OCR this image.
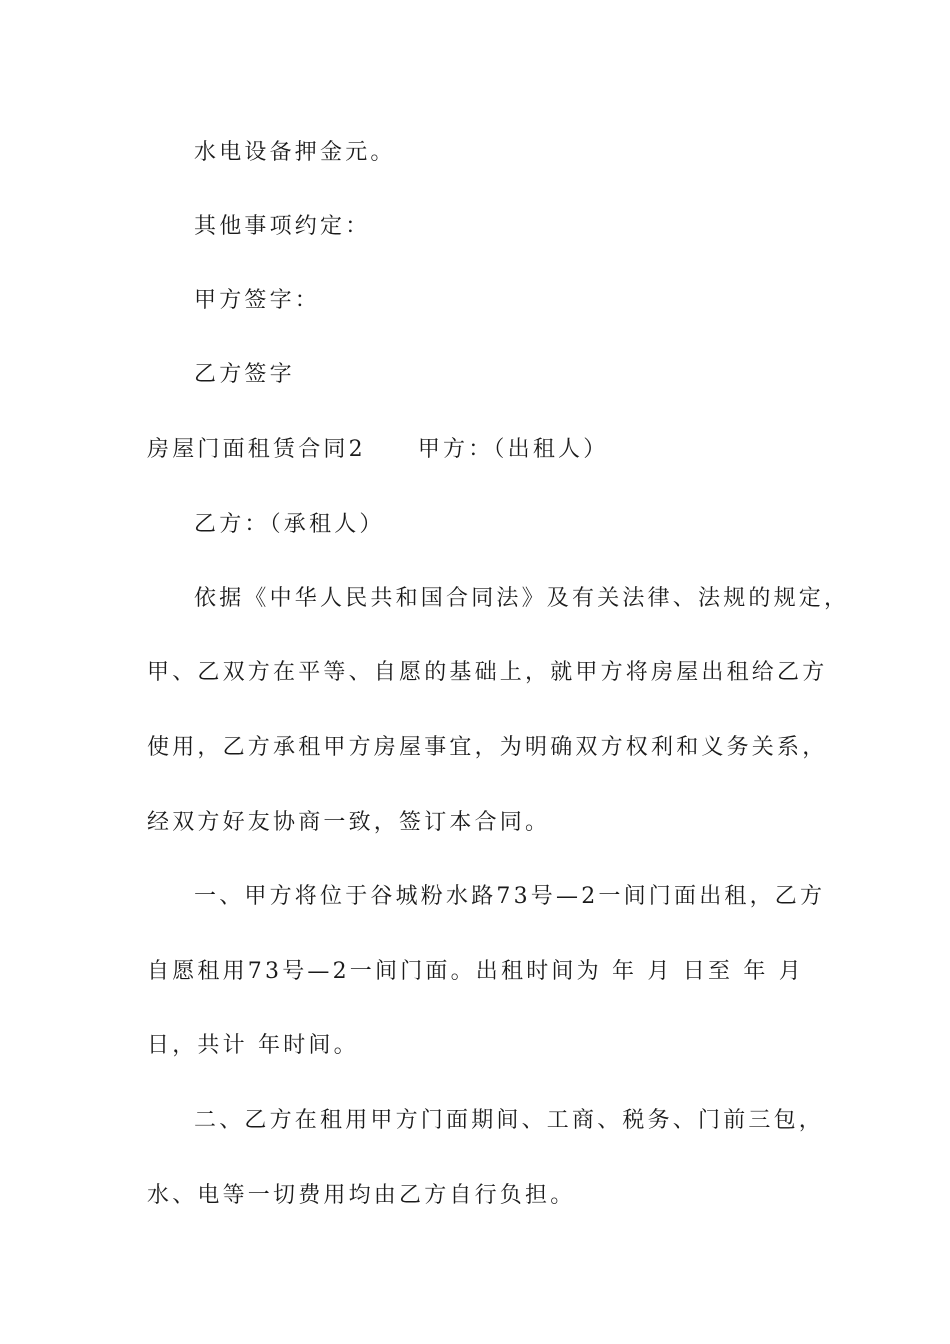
水电设备押金元。
其他事项约定：
甲方签字：
乙方签字
房屋门面租赁合同2 甲方：（出租人）
乙方：（承租人）
依据《中华人民共和国合同法》及有关法律、法规的规定，
甲、乙双方在平等、自愿的基础上，就甲方将房屋出租给乙方
使用，乙方承租甲方房屋事宜，为明确双方权利和义务关系，
经双方好友协商一致，签订本合同。
一、甲方将位于谷城粉水路73号—2一间门面出租，乙方
自愿租用73号—2一间门面。出租时间为 年 月 日至 年 月
日，共计 年时间。
二、乙方在租用甲方门面期间、工商、税务、门前三包，
水、电等一切费用均由乙方自行负担。
